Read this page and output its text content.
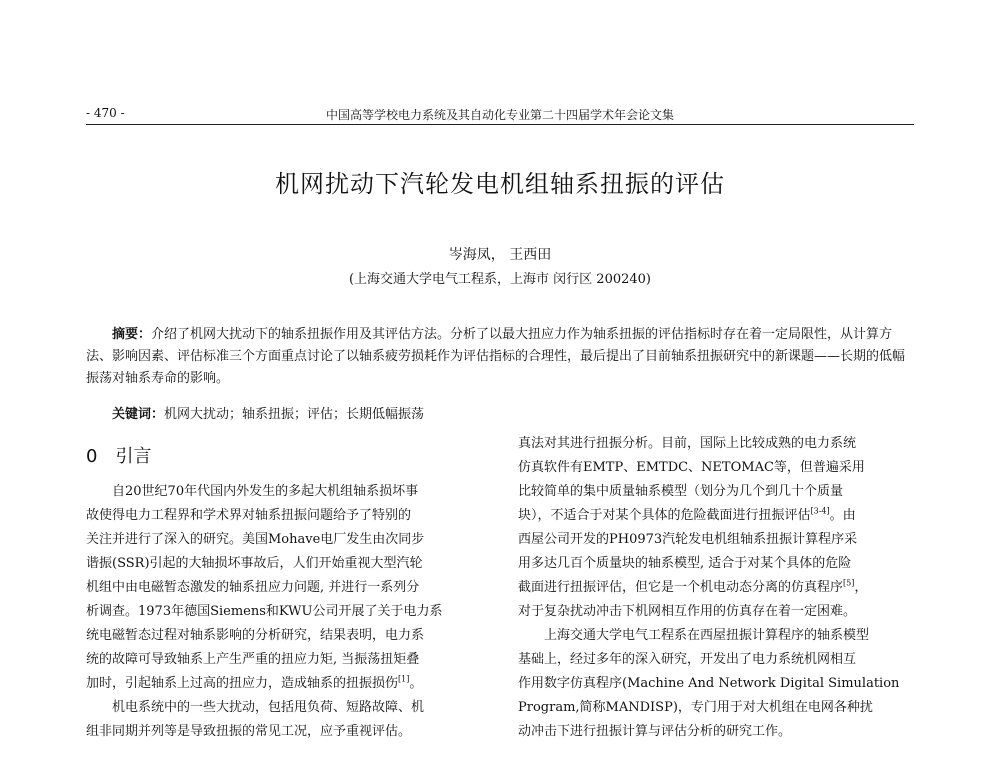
- 470 -	中国高等学校电力系统及其自动化专业第二十四届学术年会论文集
机网扰动下汽轮发电机组轴系扭振的评估
岑海凤， 王西田
(上海交通大学电气工程系，上海市 闵行区 200240)

摘要：介绍了机网大扰动下的轴系扭振作用及其评估方法。分析了以最大扭应力作为轴系扭振的评估指标时存在着一定局限性，从计算方法、影响因素、评估标准三个方面重点讨论了以轴系疲劳损耗作为评估指标的合理性，最后提出了目前轴系扭振研究中的新课题——长期的低幅振荡对轴系寿命的影响。

关键词：机网大扰动；轴系扭振；评估；长期低幅振荡
0 引言
自20世纪70年代国内外发生的多起大机组轴系损坏事
故使得电力工程界和学术界对轴系扭振问题给予了特别的
关注并进行了深入的研究。美国Mohave电厂发生由次同步
谐振(SSR)引起的大轴损坏事故后，人们开始重视大型汽轮
机组中由电磁暂态激发的轴系扭应力问题, 并进行一系列分
析调查。1973年德国Siemens和KWU公司开展了关于电力系
统电磁暂态过程对轴系影响的分析研究，结果表明，电力系
统的故障可导致轴系上产生严重的扭应力矩, 当振荡扭矩叠
加时，引起轴系上过高的扭应力，造成轴系的扭振损伤[1]。
机电系统中的一些大扰动，包括甩负荷、短路故障、机
组非同期并列等是导致扭振的常见工况，应予重视评估。
真法对其进行扭振分析。目前，国际上比较成熟的电力系统
仿真软件有EMTP、EMTDC、NETOMAC等，但普遍采用
比较简单的集中质量轴系模型（划分为几个到几十个质量
块），不适合于对某个具体的危险截面进行扭振评估[3-4]。由
西屋公司开发的PH0973汽轮发电机组轴系扭振计算程序采
用多达几百个质量块的轴系模型, 适合于对某个具体的危险
截面进行扭振评估，但它是一个机电动态分离的仿真程序[5]，
对于复杂扰动冲击下机网相互作用的仿真存在着一定困难。
上海交通大学电气工程系在西屋扭振计算程序的轴系模型
基础上，经过多年的深入研究，开发出了电力系统机网相互
作用数字仿真程序(Machine And Network Digital Simulation
Program,简称MANDISP)，专门用于对大机组在电网各种扰
动冲击下进行扭振计算与评估分析的研究工作。
